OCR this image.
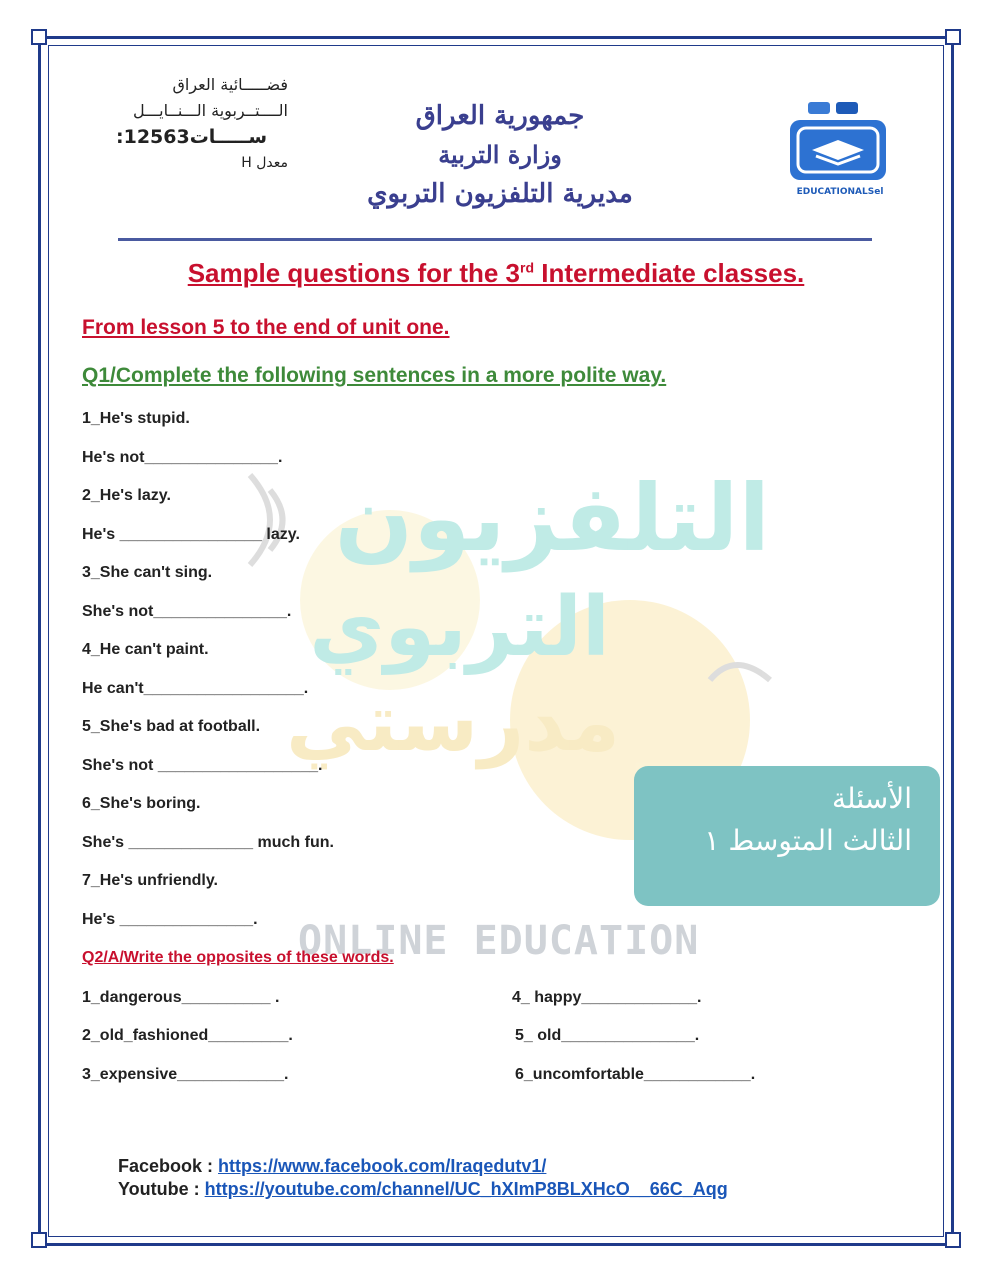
التلفزيون
التربوي
مدرستي
ONLINE EDUCATION
فضـــــائية العراق
الــــتــربوية الـــنــايـــل
:12563ســـــات
معدل H
جمهورية العراق
وزارة التربية
مديرية التلفزيون التربوي	EDUCATIONALSel
Sample questions for the 3rd Intermediate classes.
From lesson 5 to the end of unit one.
Q1/Complete the following sentences in a more polite way.
1_He's stupid.
He's not_______________.
2_He's lazy.
He's ________________ lazy.
3_She can't sing.
She's not_______________.
4_He can't paint.
He can't__________________.
5_She's bad at football.
She's not __________________.
6_She's boring.
She's ______________ much fun.
7_He's unfriendly.
He's _______________.
الأسئلة
الثالث المتوسط ١
Q2/A/Write the opposites of these words.
1_dangerous__________ .
2_old_fashioned_________.
3_expensive____________.
4_ happy_____________.
5_ old_______________.
6_uncomfortable____________.
Facebook : https://www.facebook.com/Iraqedutv1/
Youtube : https://youtube.com/channel/UC_hXImP8BLXHcO__66C_Aqg
